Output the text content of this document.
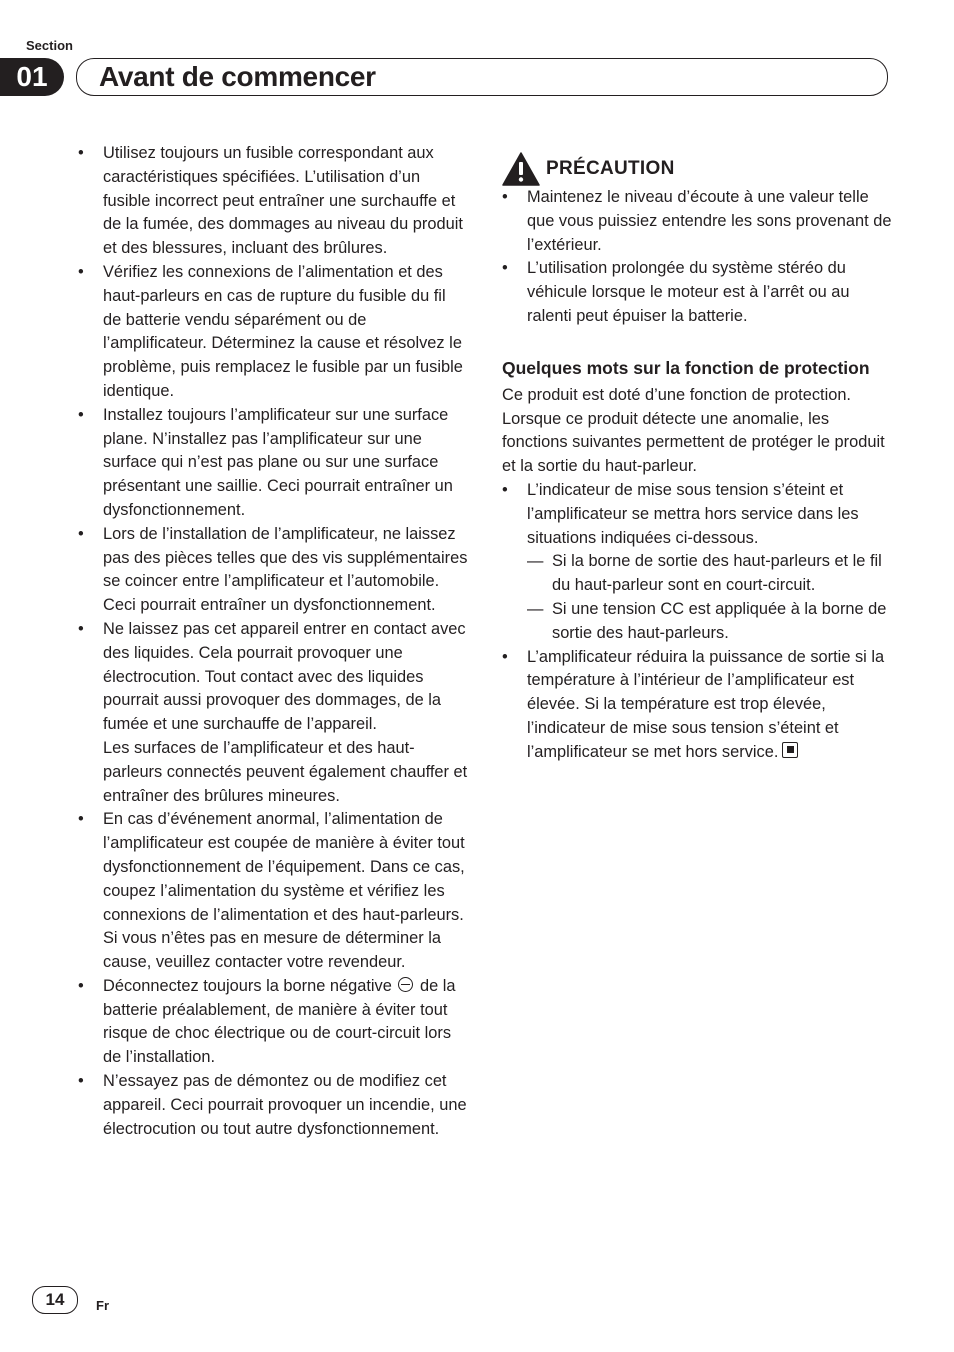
Section
01	Avant de commencer
• Utilisez toujours un fusible correspondant aux caractéristiques spécifiées. L’utilisation d’un fusible incorrect peut entraîner une surchauffe et de la fumée, des dommages au niveau du produit et des blessures, incluant des brûlures.
• Vérifiez les connexions de l’alimentation et des haut-parleurs en cas de rupture du fusible du fil de batterie vendu séparément ou de l’amplificateur. Déterminez la cause et résolvez le problème, puis remplacez le fusible par un fusible identique.
• Installez toujours l’amplificateur sur une surface plane. N’installez pas l’amplificateur sur une surface qui n’est pas plane ou sur une surface présentant une saillie. Ceci pourrait entraîner un dysfonctionnement.
• Lors de l’installation de l’amplificateur, ne laissez pas des pièces telles que des vis supplémentaires se coincer entre l’amplificateur et l’automobile. Ceci pourrait entraîner un dysfonctionnement.
• Ne laissez pas cet appareil entrer en contact avec des liquides. Cela pourrait provoquer une électrocution. Tout contact avec des liquides pourrait aussi provoquer des dommages, de la fumée et une surchauffe de l’appareil.
Les surfaces de l’amplificateur et des haut-parleurs connectés peuvent également chauffer et entraîner des brûlures mineures.
• En cas d’événement anormal, l’alimentation de l’amplificateur est coupée de manière à éviter tout dysfonctionnement de l’équipement. Dans ce cas, coupez l’alimentation du système et vérifiez les connexions de l’alimentation et des haut-parleurs. Si vous n’êtes pas en mesure de déterminer la cause, veuillez contacter votre revendeur.
• Déconnectez toujours la borne négative de la batterie préalablement, de manière à éviter tout risque de choc électrique ou de court-circuit lors de l’installation.
• N’essayez pas de démontez ou de modifiez cet appareil. Ceci pourrait provoquer un incendie, une électrocution ou tout autre dysfonctionnement.
PRÉCAUTION
• Maintenez le niveau d’écoute à une valeur telle que vous puissiez entendre les sons provenant de l’extérieur.
• L’utilisation prolongée du système stéréo du véhicule lorsque le moteur est à l’arrêt ou au ralenti peut épuiser la batterie.
Quelques mots sur la fonction de protection

Ce produit est doté d’une fonction de protection. Lorsque ce produit détecte une anomalie, les fonctions suivantes permettent de protéger le produit et la sortie du haut-parleur.

• L’indicateur de mise sous tension s’éteint et l’amplificateur se mettra hors service dans les situations indiquées ci-dessous.
— Si la borne de sortie des haut-parleurs et le fil du haut-parleur sont en court-circuit.
— Si une tension CC est appliquée à la borne de sortie des haut-parleurs.
• L’amplificateur réduira la puissance de sortie si la température à l’intérieur de l’amplificateur est élevée. Si la température est trop élevée, l’indicateur de mise sous tension s’éteint et l’amplificateur se met hors service.
14	Fr
